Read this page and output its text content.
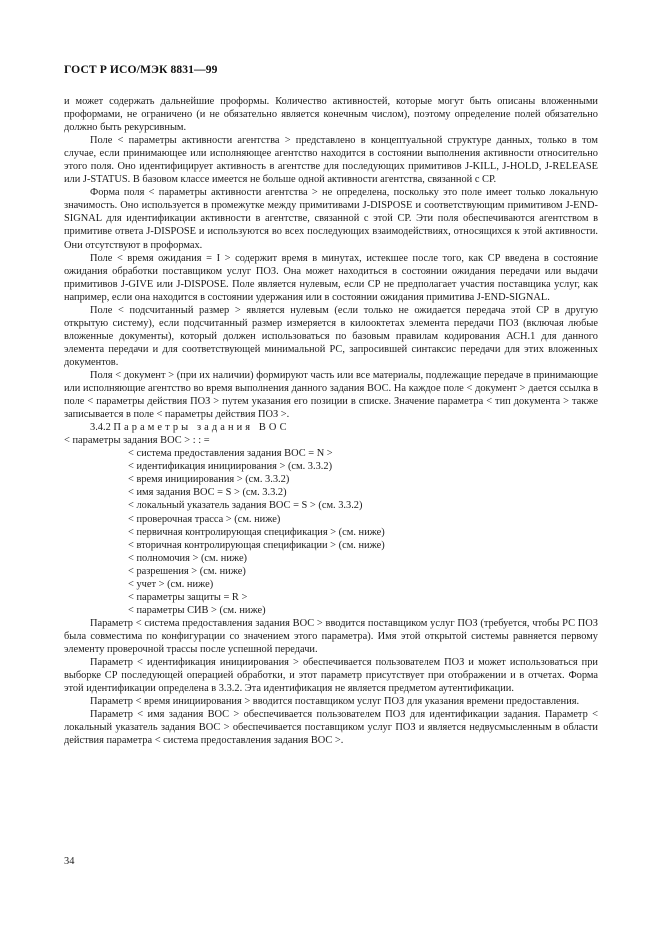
ГОСТ Р ИСО/МЭК 8831—99

и может содержать дальнейшие проформы. Количество активностей, которые могут быть описаны вложенными проформами, не ограничено (и не обязательно является конечным числом), поэтому определение полей обязательно должно быть рекурсивным.

Поле < параметры активности агентства > представлено в концептуальной структуре данных, только в том случае, если принимающее или исполняющее агентство находится в состоянии выполнения активности относительно этого поля. Оно идентифицирует активность в агентстве для последующих примитивов J-KILL, J-HOLD, J-RELEASE или J-STATUS. В базовом классе имеется не больше одной активности агентства, связанной с СР.

Форма поля < параметры активности агентства > не определена, поскольку это поле имеет только локальную значимость. Оно используется в промежутке между примитивами J-DISPOSE и соответствующим примитивом J-END-SIGNAL для идентификации активности в агентстве, связанной с этой СР. Эти поля обеспечиваются агентством в примитиве ответа J-DISPOSE и используются во всех последующих взаимодействиях, относящихся к этой активности. Они отсутствуют в проформах.

Поле < время ожидания = I > содержит время в минутах, истекшее после того, как СР введена в состояние ожидания обработки поставщиком услуг ПОЗ. Она может находиться в состоянии ожидания передачи или выдачи примитивов J-GIVE или J-DISPOSE. Поле является нулевым, если СР не предполагает участия поставщика услуг, как например, если она находится в состоянии удержания или в состоянии ожидания примитива J-END-SIGNAL.

Поле < подсчитанный размер > является нулевым (если только не ожидается передача этой СР в другую открытую систему), если подсчитанный размер измеряется в килооктетах элемента передачи ПОЗ (включая любые вложенные документы), который должен использоваться по базовым правилам кодирования АСН.1 для данного элемента передачи и для соответствующей минимальной РС, запросившей синтаксис передачи для этих вложенных документов.

Поля < документ > (при их наличии) формируют часть или все материалы, подлежащие передаче в принимающие или исполняющие агентство во время выполнения данного задания ВОС. На каждое поле < документ > дается ссылка в поле < параметры действия ПОЗ > путем указания его позиции в списке. Значение параметра < тип документа > также записывается в поле < параметры действия ПОЗ >.

3.4.2 Параметры задания ВОС

< параметры задания ВОС > : : =

< система предоставления задания ВОС = N >

< идентификация инициирования > (см. 3.3.2)

< время инициирования > (см. 3.3.2)

< имя задания ВОС = S > (см. 3.3.2)

< локальный указатель задания ВОС = S > (см. 3.3.2)

< проверочная трасса > (см. ниже)

< первичная контролирующая спецификация > (см. ниже)

< вторичная контролирующая спецификации > (см. ниже)

< полномочия > (см. ниже)

< разрешения > (см. ниже)

< учет > (см. ниже)

< параметры защиты = R >

< параметры СИВ > (см. ниже)

Параметр < система предоставления задания ВОС > вводится поставщиком услуг ПОЗ (требуется, чтобы РС ПОЗ была совместима по конфигурации со значением этого параметра). Имя этой открытой системы равняется первому элементу проверочной трассы после успешной передачи.

Параметр < идентификация инициирования > обеспечивается пользователем ПОЗ и может использоваться при выборке СР последующей операцией обработки, и этот параметр присутствует при отображении и в отчетах. Форма этой идентификации определена в 3.3.2. Эта идентификация не является предметом аутентификации.

Параметр < время инициирования > вводится поставщиком услуг ПОЗ для указания времени предоставления.

Параметр < имя задания ВОС > обеспечивается пользователем ПОЗ для идентификации задания. Параметр < локальный указатель задания ВОС > обеспечивается поставщиком услуг ПОЗ и является недвусмысленным в области действия параметра < система предоставления задания ВОС >.

34
